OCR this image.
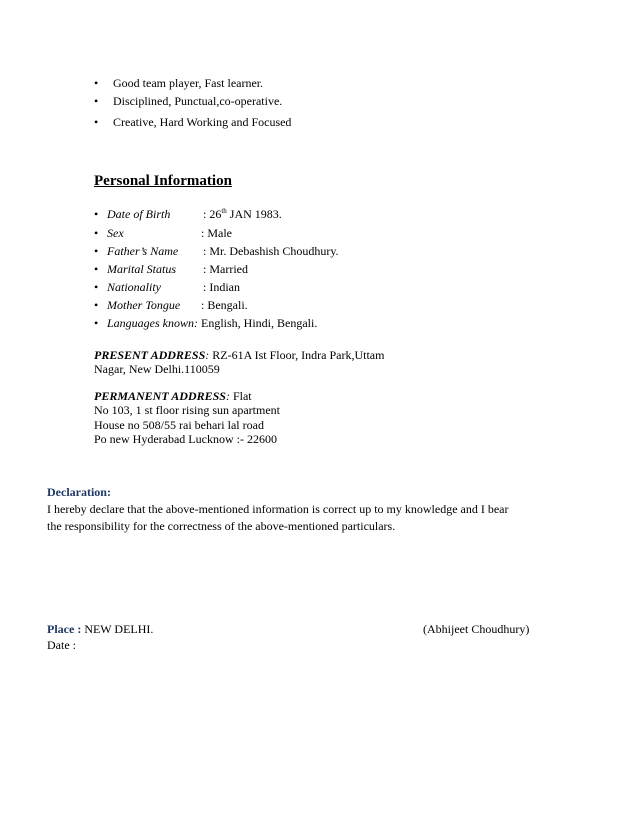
• Good team player, Fast learner.
• Disciplined, Punctual,co-operative.
• Creative, Hard Working and Focused
Personal Information
• Date of Birth	: 26th JAN 1983.
• Sex	: Male
• Father’s Name : Mr. Debashish Choudhury.
• Marital Status : Married
• Nationality	: Indian
• Mother Tongue : Bengali.
• Languages known: English, Hindi, Bengali.
PRESENT ADDRESS: RZ-61A Ist Floor, Indra Park,Uttam
Nagar, New Delhi.110059
PERMANENT ADDRESS: Flat
No 103, 1 st floor rising sun apartment
House no 508/55 rai behari lal road
Po new Hyderabad Lucknow :- 22600
Declaration:
I hereby declare that the above-mentioned information is correct up to my knowledge and I bear
the responsibility for the correctness of the above-mentioned particulars.
Place : NEW DELHI.	(Abhijeet Choudhury)
Date :
